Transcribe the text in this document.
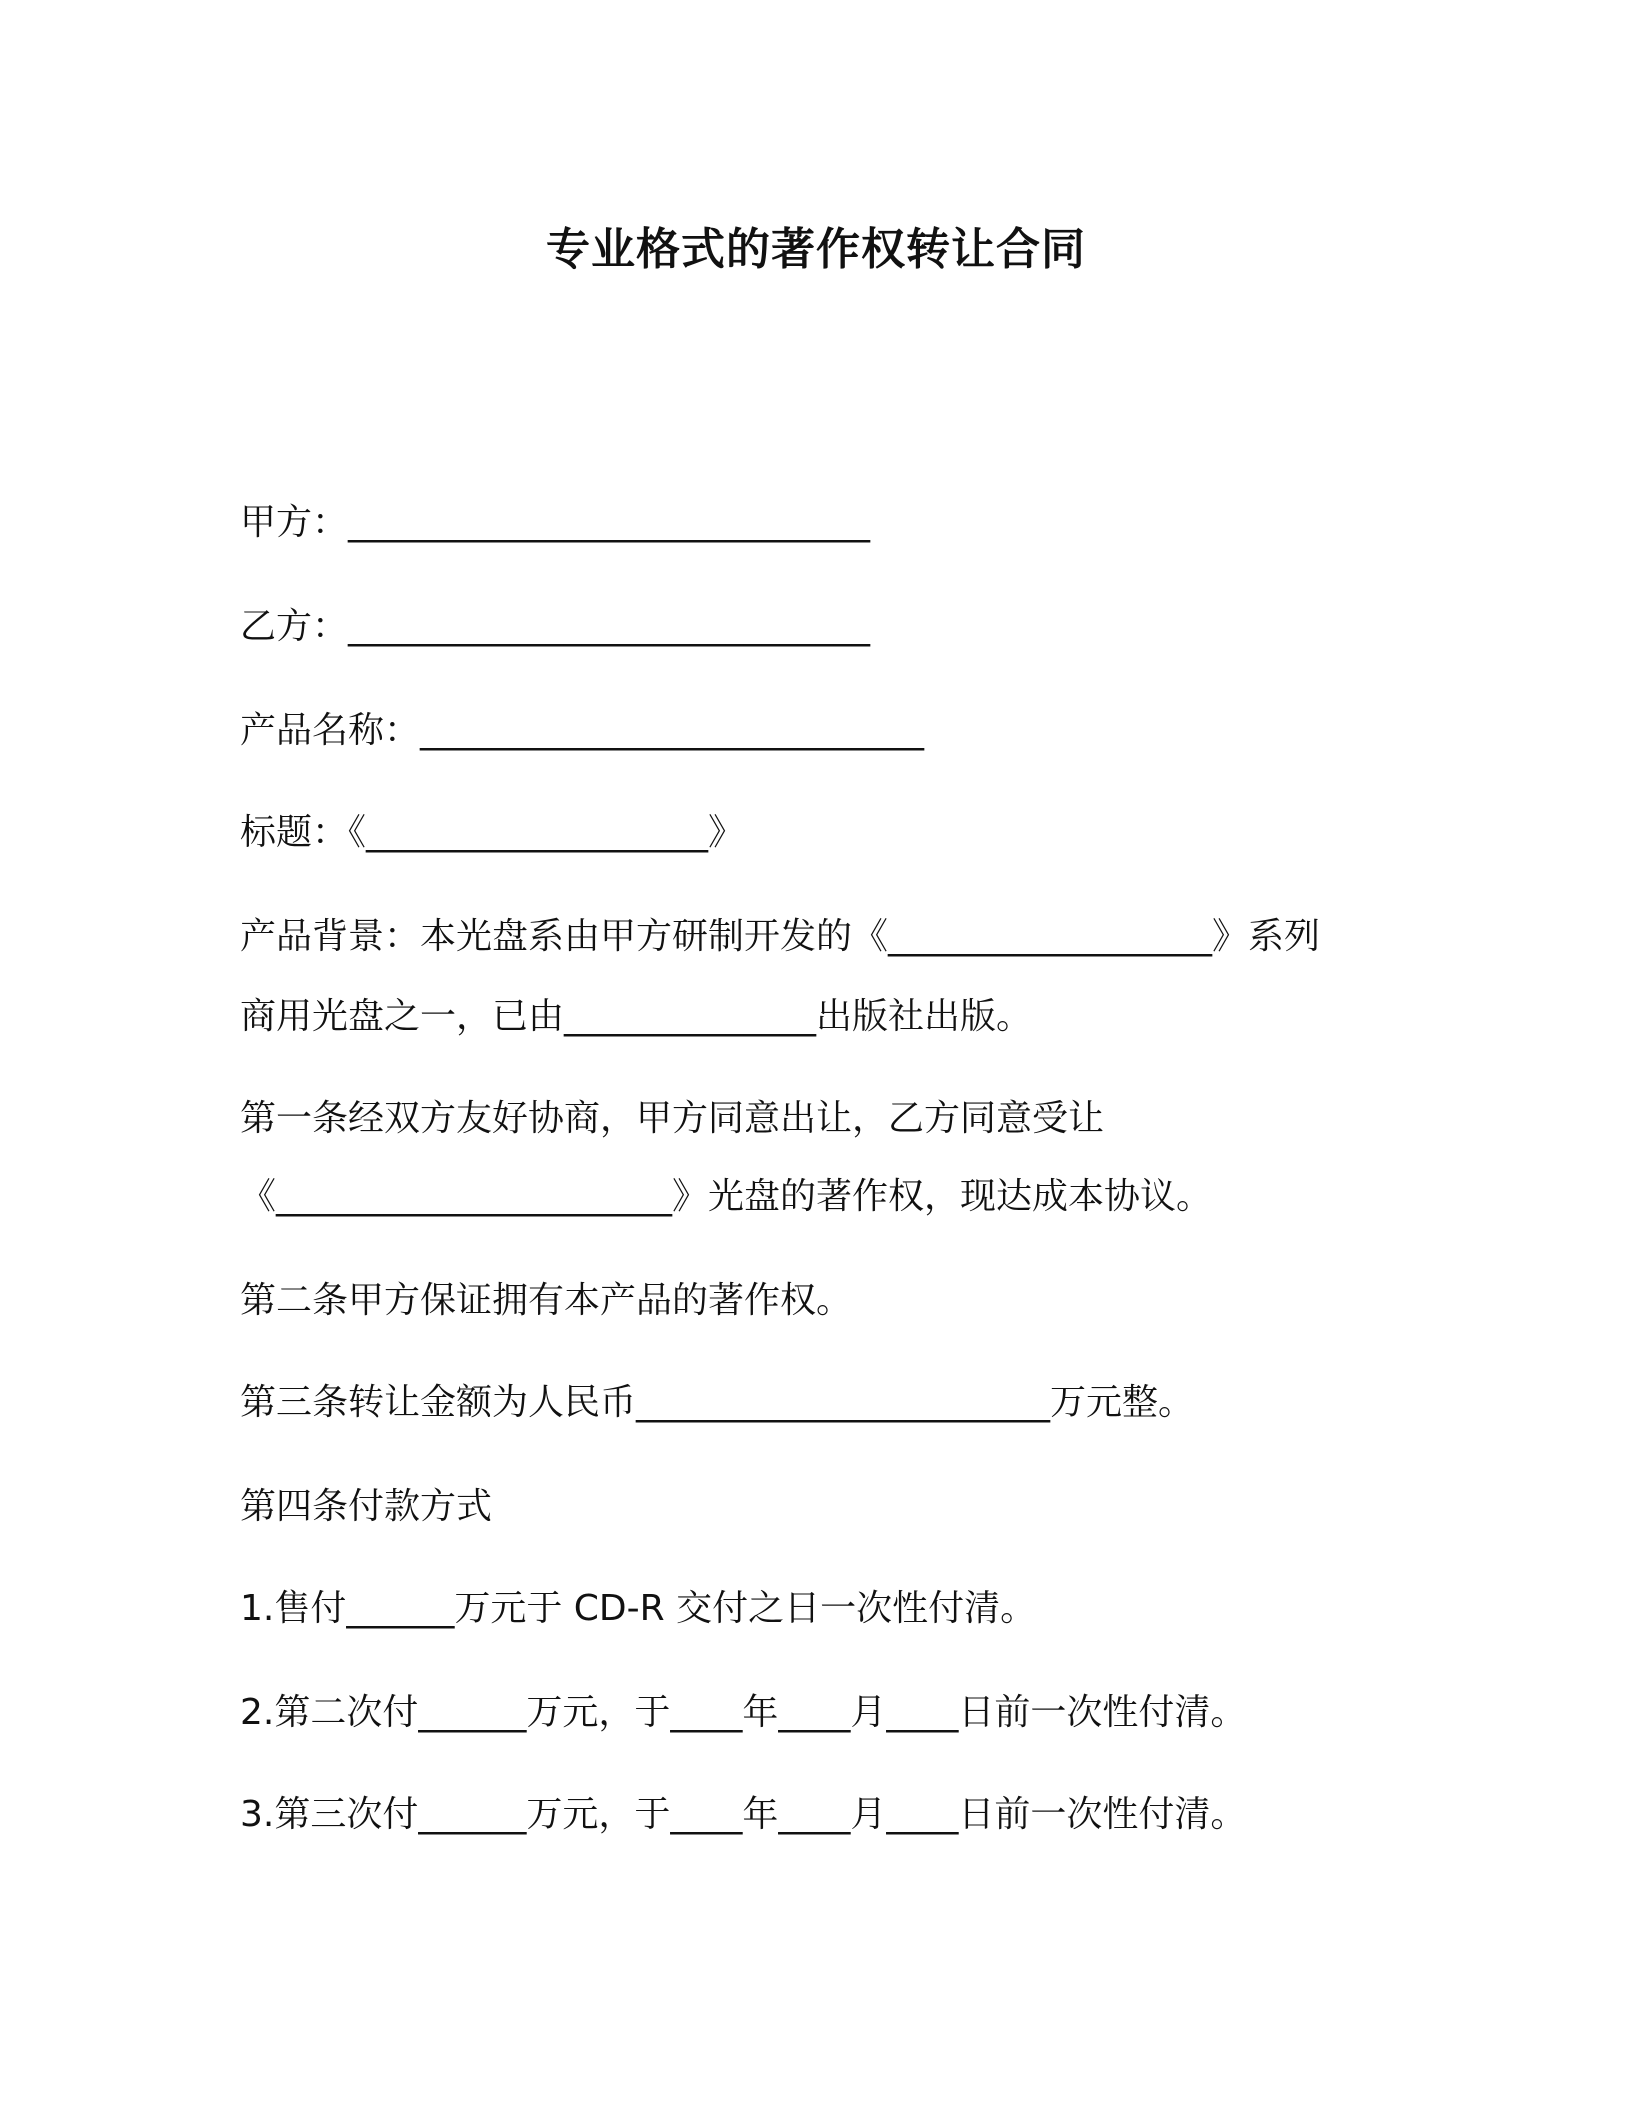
专业格式的著作权转让合同
甲方：_____________________________
乙方：_____________________________
产品名称：____________________________
标题：《___________________》
产品背景：本光盘系由甲方研制开发的《__________________》系列
商用光盘之一，已由______________出版社出版。
第一条经双方友好协商，甲方同意出让，乙方同意受让
《______________________》光盘的著作权，现达成本协议。
第二条甲方保证拥有本产品的著作权。
第三条转让金额为人民币_______________________万元整。
第四条付款方式
1.售付______万元于 CD-R 交付之日一次性付清。
2.第二次付______万元，于____年____月____日前一次性付清。
3.第三次付______万元，于____年____月____日前一次性付清。
